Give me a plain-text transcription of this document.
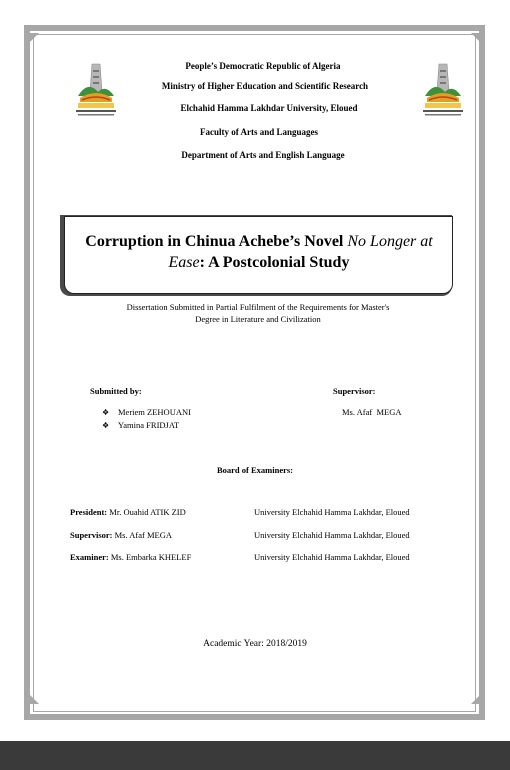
People’s Democratic Republic of Algeria
Ministry of Higher Education and Scientific Research
Elchahid Hamma Lakhdar University, Eloued
Faculty of Arts and Languages
Department of Arts and English Language
Corruption in Chinua Achebe’s Novel No Longer at
Ease: A Postcolonial Study
Dissertation Submitted in Partial Fulfilment of the Requirements for Master's
Degree in Literature and Civilization
Submitted by:	Supervisor:
❖ Meriem ZEHOUANI
❖ Yamina FRIDJAT
Ms. Afaf  MEGA
Board of Examiners:
President: Mr. Ouahid ATIK ZID	University Elchahid Hamma Lakhdar, Eloued
Supervisor: Ms. Afaf MEGA	University Elchahid Hamma Lakhdar, Eloued
Examiner: Ms. Embarka KHELEF	University Elchahid Hamma Lakhdar, Eloued
Academic Year: 2018/2019
